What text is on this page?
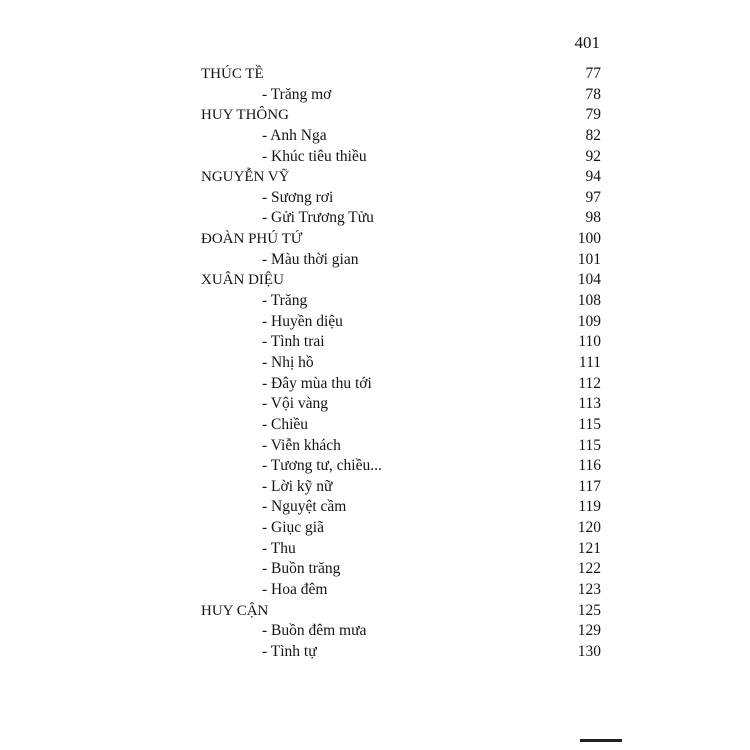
401
THÚC TỀ	77
- Trăng mơ	78
HUY THÔNG	79
- Anh Nga	82
- Khúc tiêu thiều	92
NGUYỄN VỸ	94
- Sương rơi	97
- Gửi Trương Tửu	98
ĐOÀN PHÚ TỨ	100
- Màu thời gian	101
XUÂN DIỆU	104
- Trăng	108
- Huyền diệu	109
- Tình trai	110
- Nhị hồ	111
- Đây mùa thu tới	112
- Vội vàng	113
- Chiều	115
- Viễn khách	115
- Tương tư, chiều...	116
- Lời kỹ nữ	117
- Nguyệt cầm	119
- Giục giã	120
- Thu	121
- Buồn trăng	122
- Hoa đêm	123
HUY CẬN	125
- Buồn đêm mưa	129
- Tình tự	130
